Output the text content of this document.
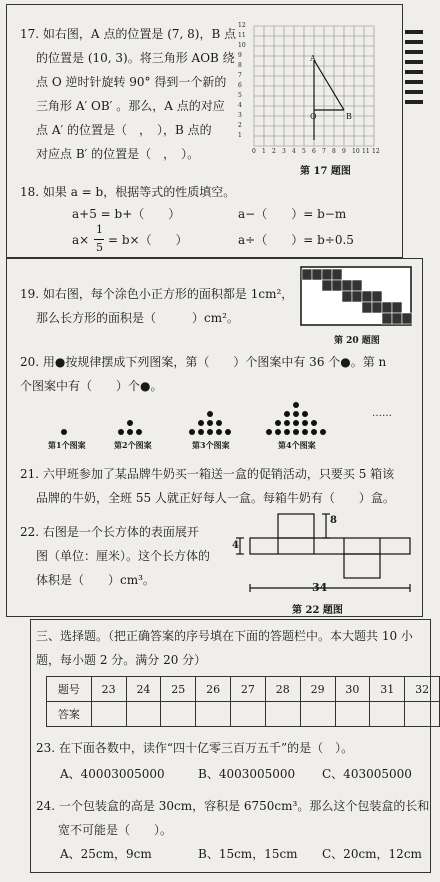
17. 如右图，A 点的位置是 (7, 8)，B 点
的位置是 (10, 3)。将三角形 AOB 绕
点 O 逆时针旋转 90° 得到一个新的
三角形 A′ OB′ 。那么，A 点的对应
点 A′ 的位置是（　，　），B 点的
对应点 B′ 的位置是（　，　）。
A
O	B
12
11
10
9
8
7
6
5
4
3
2
1
0 1 2 3 4 5 6 7 8 9 10 11 12
第 17 题图
18. 如果 a = b，根据等式的性质填空。
a+5 = b+（　　）	a−（　　）= b−m
a×
1
5
= b×（　　）	a÷（　　）= b÷0.5
19. 如右图，每个涂色小正方形的面积都是 1cm²，
那么长方形的面积是（　　　）cm²。
第 20 题图
20. 用●按规律摆成下列图案，第（　　）个图案中有 36 个●。第 n
个图案中有（　　）个●。
……
第1个图案	第2个图案	第3个图案	第4个图案
21. 六甲班参加了某品牌牛奶买一箱送一盒的促销活动，只要买 5 箱该
品牌的牛奶，全班 55 人就正好每人一盒。每箱牛奶有（　　）盒。
22. 右图是一个长方体的表面展开
图（单位：厘米）。这个长方体的
体积是（　　）cm³。
8
4
34
第 22 题图
三、选择题。（把正确答案的序号填在下面的答题栏中。本大题共 10 小
题，每小题 2 分。满分 20 分）
题号	23	24	25	26	27	28	29	30	31	32
答案										
23. 在下面各数中，读作“四十亿零三百万五千”的是（　）。
A、40003005000	B、4003005000 C、403005000
24. 一个包装盒的高是 30cm，容积是 6750cm³。那么这个包装盒的长和
宽不可能是（　　）。
A、25cm，9cm	B、15cm，15cm C、20cm，12cm
